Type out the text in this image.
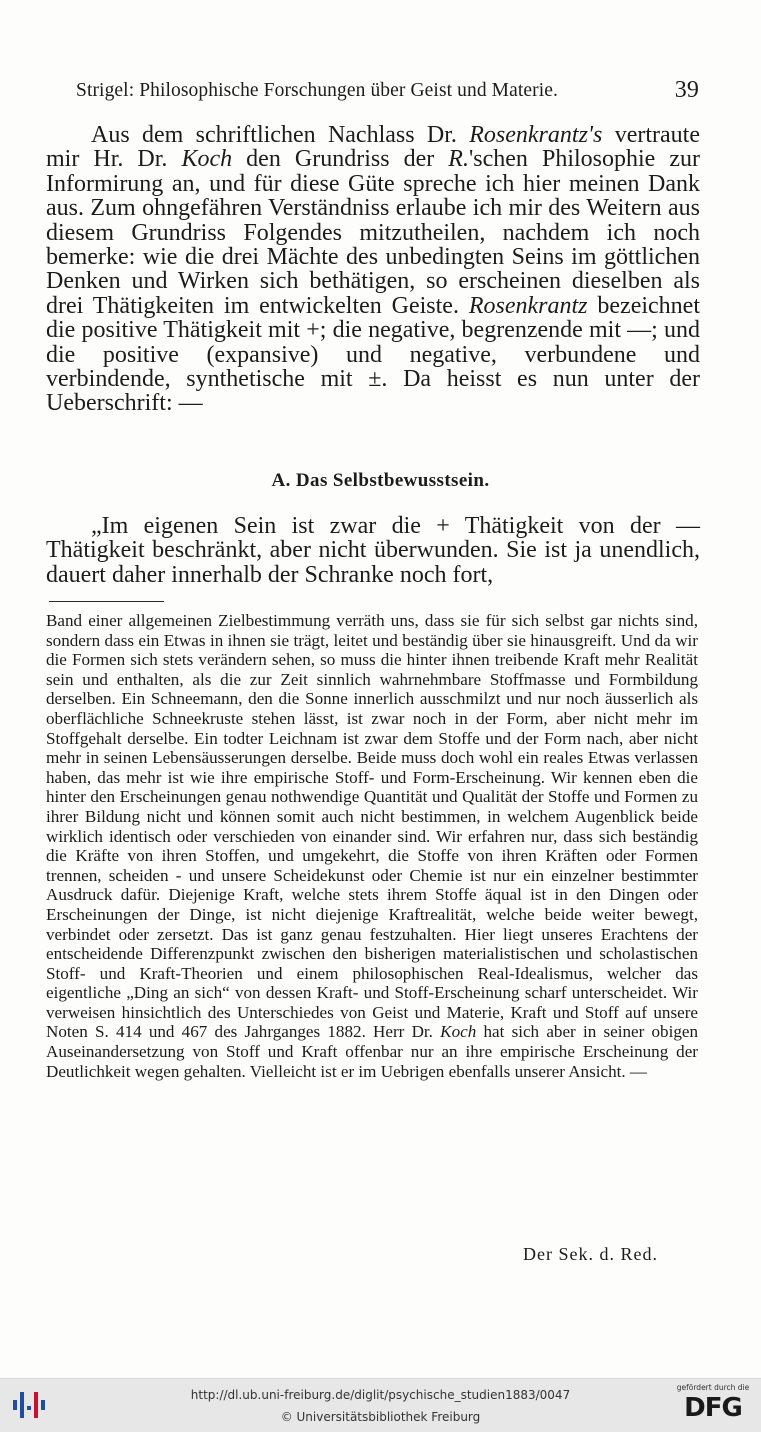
Strigel: Philosophische Forschungen über Geist und Materie.	39

Aus dem schriftlichen Nachlass Dr. Rosenkrantz's vertraute mir Hr. Dr. Koch den Grundriss der R.'schen Philosophie zur Informirung an, und für diese Güte spreche ich hier meinen Dank aus. Zum ohngefähren Verständniss erlaube ich mir des Weitern aus diesem Grundriss Folgendes mitzutheilen, nachdem ich noch bemerke: wie die drei Mächte des unbedingten Seins im göttlichen Denken und Wirken sich bethätigen, so erscheinen dieselben als drei Thätigkeiten im entwickelten Geiste. Rosenkrantz bezeichnet die positive Thätigkeit mit +; die negative, begrenzende mit —; und die positive (expansive) und negative, verbundene und verbindende, synthetische mit ±. Da heisst es nun unter der Ueberschrift: —

A. Das Selbstbewusstsein.

„Im eigenen Sein ist zwar die + Thätigkeit von der — Thätigkeit beschränkt, aber nicht überwunden. Sie ist ja unendlich, dauert daher innerhalb der Schranke noch fort,

Band einer allgemeinen Zielbestimmung verräth uns, dass sie für sich selbst gar nichts sind, sondern dass ein Etwas in ihnen sie trägt, leitet und beständig über sie hinausgreift. Und da wir die Formen sich stets verändern sehen, so muss die hinter ihnen treibende Kraft mehr Realität sein und enthalten, als die zur Zeit sinnlich wahrnehmbare Stoffmasse und Formbildung derselben. Ein Schneemann, den die Sonne innerlich ausschmilzt und nur noch äusserlich als oberflächliche Schneekruste stehen lässt, ist zwar noch in der Form, aber nicht mehr im Stoffgehalt derselbe. Ein todter Leichnam ist zwar dem Stoffe und der Form nach, aber nicht mehr in seinen Lebensäusserungen derselbe. Beide muss doch wohl ein reales Etwas verlassen haben, das mehr ist wie ihre empirische Stoff- und Form-Erscheinung. Wir kennen eben die hinter den Erscheinungen genau nothwendige Quantität und Qualität der Stoffe und Formen zu ihrer Bildung nicht und können somit auch nicht bestimmen, in welchem Augenblick beide wirklich identisch oder verschieden von einander sind. Wir erfahren nur, dass sich beständig die Kräfte von ihren Stoffen, und umgekehrt, die Stoffe von ihren Kräften oder Formen trennen, scheiden - und unsere Scheidekunst oder Chemie ist nur ein einzelner bestimmter Ausdruck dafür. Diejenige Kraft, welche stets ihrem Stoffe äqual ist in den Dingen oder Erscheinungen der Dinge, ist nicht diejenige Kraftrealität, welche beide weiter bewegt, verbindet oder zersetzt. Das ist ganz genau festzuhalten. Hier liegt unseres Erachtens der entscheidende Differenzpunkt zwischen den bisherigen materialistischen und scholastischen Stoff- und Kraft-Theorien und einem philosophischen Real-Idealismus, welcher das eigentliche „Ding an sich“ von dessen Kraft- und Stoff-Erscheinung scharf unterscheidet. Wir verweisen hinsichtlich des Unterschiedes von Geist und Materie, Kraft und Stoff auf unsere Noten S. 414 und 467 des Jahrganges 1882. Herr Dr. Koch hat sich aber in seiner obigen Auseinandersetzung von Stoff und Kraft offenbar nur an ihre empirische Erscheinung der Deutlichkeit wegen gehalten. Vielleicht ist er im Uebrigen ebenfalls unserer Ansicht. —

Der Sek. d. Red.
http://dl.ub.uni-freiburg.de/diglit/psychische_studien1883/0047
© Universitätsbibliothek Freiburg
gefördert durch die
DFG
